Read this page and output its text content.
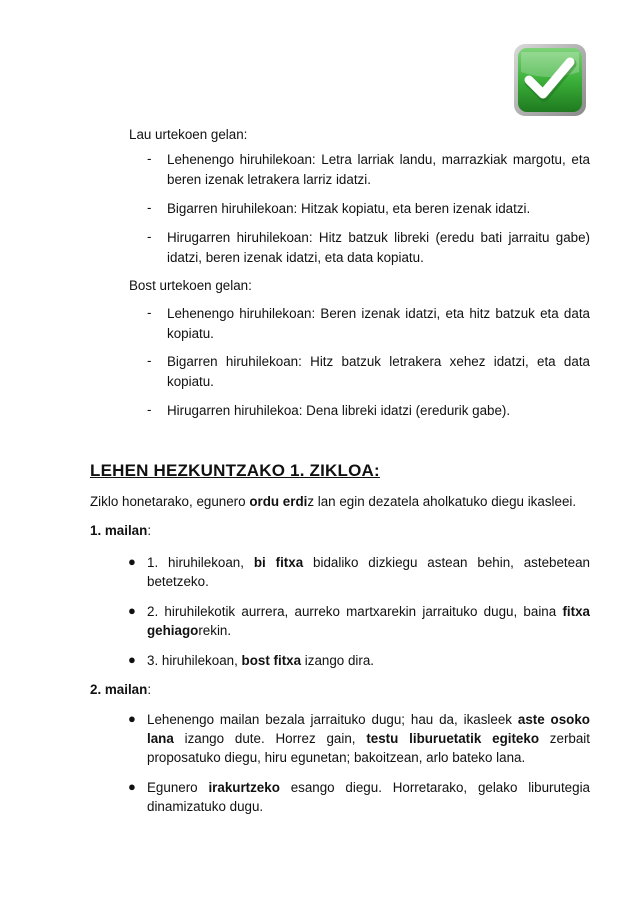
Lau urtekoen gelan:
-	Lehenengo hiruhilekoan: Letra larriak landu, marrazkiak margotu, eta
beren izenak letrakera larriz idatzi.
-	Bigarren hiruhilekoan: Hitzak kopiatu, eta beren izenak idatzi.
-	Hirugarren hiruhilekoan: Hitz batzuk libreki (eredu bati jarraitu gabe)
idatzi, beren izenak idatzi, eta data kopiatu.
Bost urtekoen gelan:
-	Lehenengo hiruhilekoan: Beren izenak idatzi, eta hitz batzuk eta data
kopiatu.
-	Bigarren hiruhilekoan: Hitz batzuk letrakera xehez idatzi, eta data
kopiatu.
-	Hirugarren hiruhilekoa: Dena libreki idatzi (eredurik gabe).
LEHEN HEZKUNTZAKO 1. ZIKLOA:
Ziklo honetarako, egunero ordu erdiz lan egin dezatela aholkatuko diegu ikasleei.
1. mailan:
● 1. hiruhilekoan, bi fitxa bidaliko dizkiegu astean behin, astebetean
betetzeko.
● 2. hiruhilekotik aurrera, aurreko martxarekin jarraituko dugu, baina fitxa
gehiagorekin.
● 3. hiruhilekoan, bost fitxa izango dira.
2. mailan:
● Lehenengo mailan bezala jarraituko dugu; hau da, ikasleek aste osoko
lana izango dute. Horrez gain, testu liburuetatik egiteko zerbait
proposatuko diegu, hiru egunetan; bakoitzean, arlo bateko lana.
● Egunero irakurtzeko esango diegu. Horretarako, gelako liburutegia
dinamizatuko dugu.
